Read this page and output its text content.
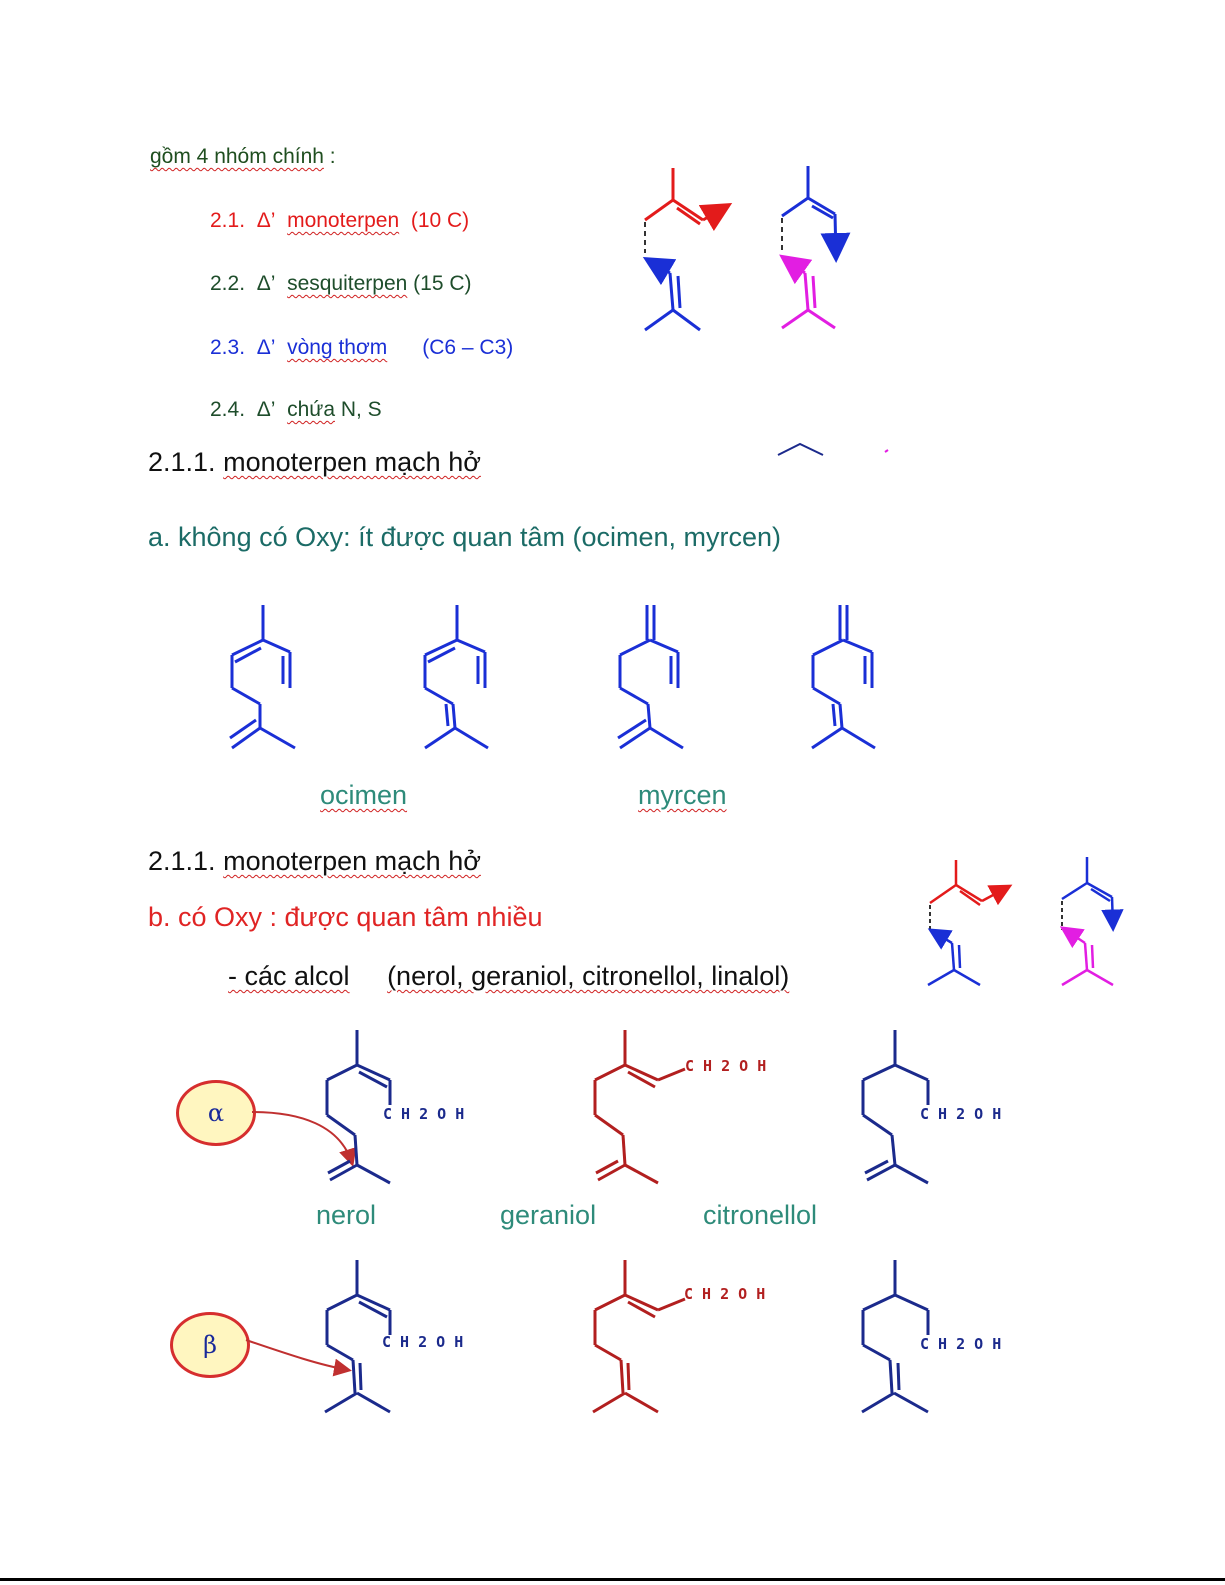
gồm 4 nhóm chính :
2.1. Δ’ monoterpen (10 C)
2.2. Δ’ sesquiterpen (15 C)
2.3. Δ’ vòng thơm (C6 – C3)
2.4. Δ’ chứa N, S
2.1.1. monoterpen mạch hở
a. không có Oxy: ít được quan tâm (ocimen, myrcen)
ocimen	myrcen
2.1.1. monoterpen mạch hở
b. có Oxy : được quan tâm nhiều
- các alcol (nerol, geraniol, citronellol, linalol)
α
β
C H 2 O H
C H 2 O H
C H 2 O H
nerol	geraniol	citronellol
C H 2 O H
C H 2 O H
C H 2 O H
